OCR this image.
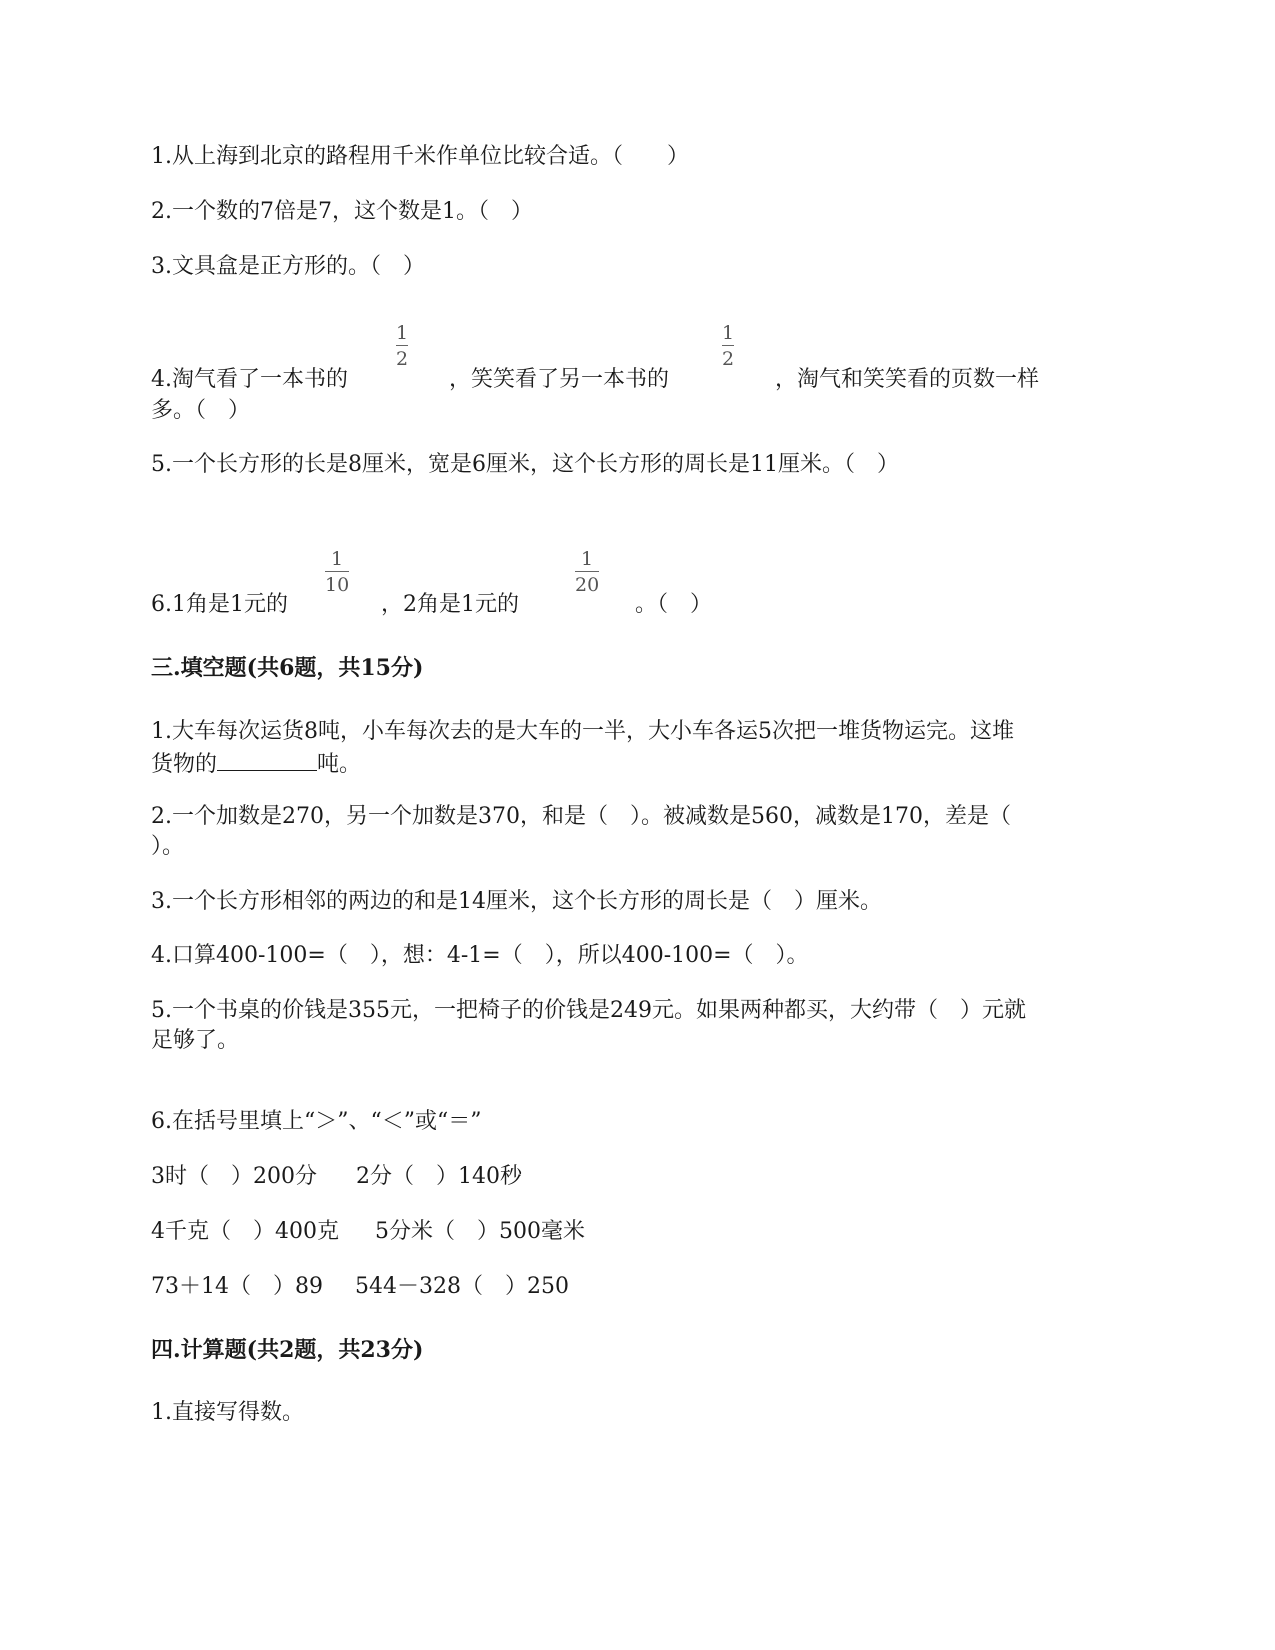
1.从上海到北京的路程用千米作单位比较合适。（　　）
2.一个数的7倍是7，这个数是1。（　）
3.文具盒是正方形的。（　）
4.淘气看了一本书的
1
2
，笑笑看了另一本书的
1
2
，淘气和笑笑看的页数一样
多。（　）
5.一个长方形的长是8厘米，宽是6厘米，这个长方形的周长是11厘米。（　）
6.1角是1元的
1
10
，2角是1元的
1
20
。（　）
三.填空题(共6题，共15分)
1.大车每次运货8吨，小车每次去的是大车的一半，大小车各运5次把一堆货物运完。这堆
货物的	吨。
2.一个加数是270，另一个加数是370，和是（　）。被减数是560，减数是170，差是（
）。
3.一个长方形相邻的两边的和是14厘米，这个长方形的周长是（　）厘米。
4.口算400-100=（　），想：4-1=（　），所以400-100=（　）。
5.一个书桌的价钱是355元，一把椅子的价钱是249元。如果两种都买，大约带（　）元就
足够了。
6.在括号里填上“＞”、“＜”或“＝”
3时（　）200分 2分（　）140秒
4千克（　）400克 5分米（　）500毫米
73＋14（　）89 544－328（　）250
四.计算题(共2题，共23分)
1.直接写得数。
